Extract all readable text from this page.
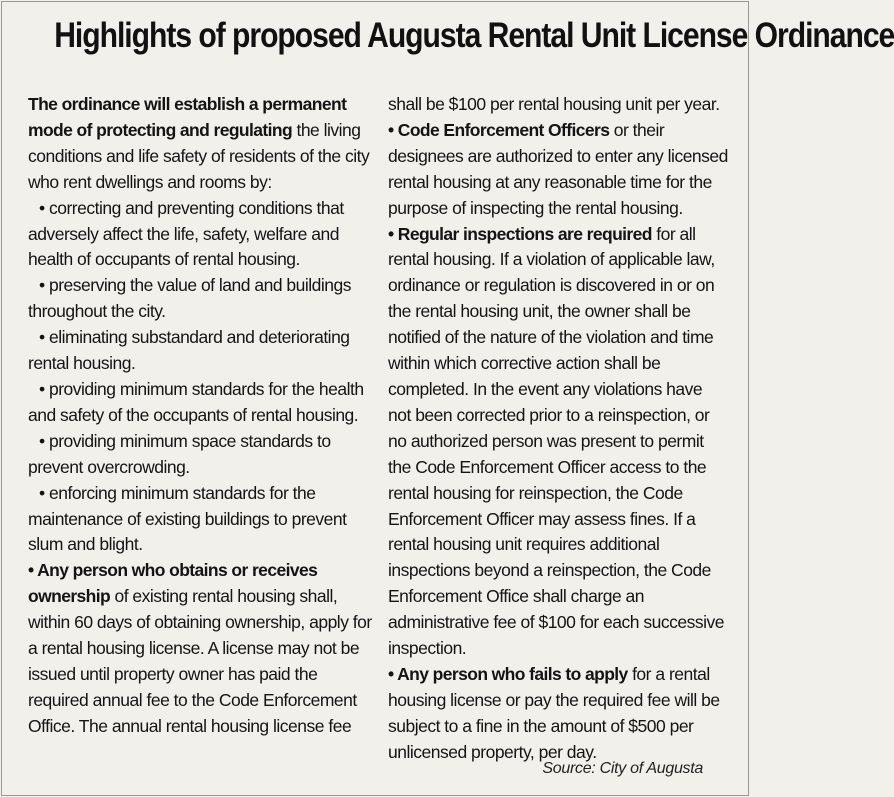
Highlights of proposed Augusta Rental Unit License Ordinance

The ordinance will establish a permanent mode of protecting and regulating the living conditions and life safety of residents of the city who rent dwellings and rooms by:

• correcting and preventing conditions that adversely affect the life, safety, welfare and health of occupants of rental housing.

• preserving the value of land and buildings throughout the city.

• eliminating substandard and deteriorating rental housing.

• providing minimum standards for the health and safety of the occupants of rental housing.

• providing minimum space standards to prevent overcrowding.

• enforcing minimum standards for the maintenance of existing buildings to prevent slum and blight.

• Any person who obtains or receives ownership of existing rental housing shall, within 60 days of obtaining ownership, apply for a rental housing license. A license may not be issued until property owner has paid the required annual fee to the Code Enforcement Office. The annual rental housing license fee

shall be $100 per rental housing unit per year.

• Code Enforcement Officers or their designees are authorized to enter any licensed rental housing at any reasonable time for the purpose of inspecting the rental housing.

• Regular inspections are required for all rental housing. If a violation of applicable law, ordinance or regulation is discovered in or on the rental housing unit, the owner shall be notified of the nature of the violation and time within which corrective action shall be completed. In the event any violations have not been corrected prior to a reinspection, or no authorized person was present to permit the Code Enforcement Officer access to the rental housing for reinspection, the Code Enforcement Officer may assess fines. If a rental housing unit requires additional inspections beyond a reinspection, the Code Enforcement Office shall charge an administrative fee of $100 for each successive inspection.

• Any person who fails to apply for a rental housing license or pay the required fee will be subject to a fine in the amount of $500 per unlicensed property, per day.

Source: City of Augusta
